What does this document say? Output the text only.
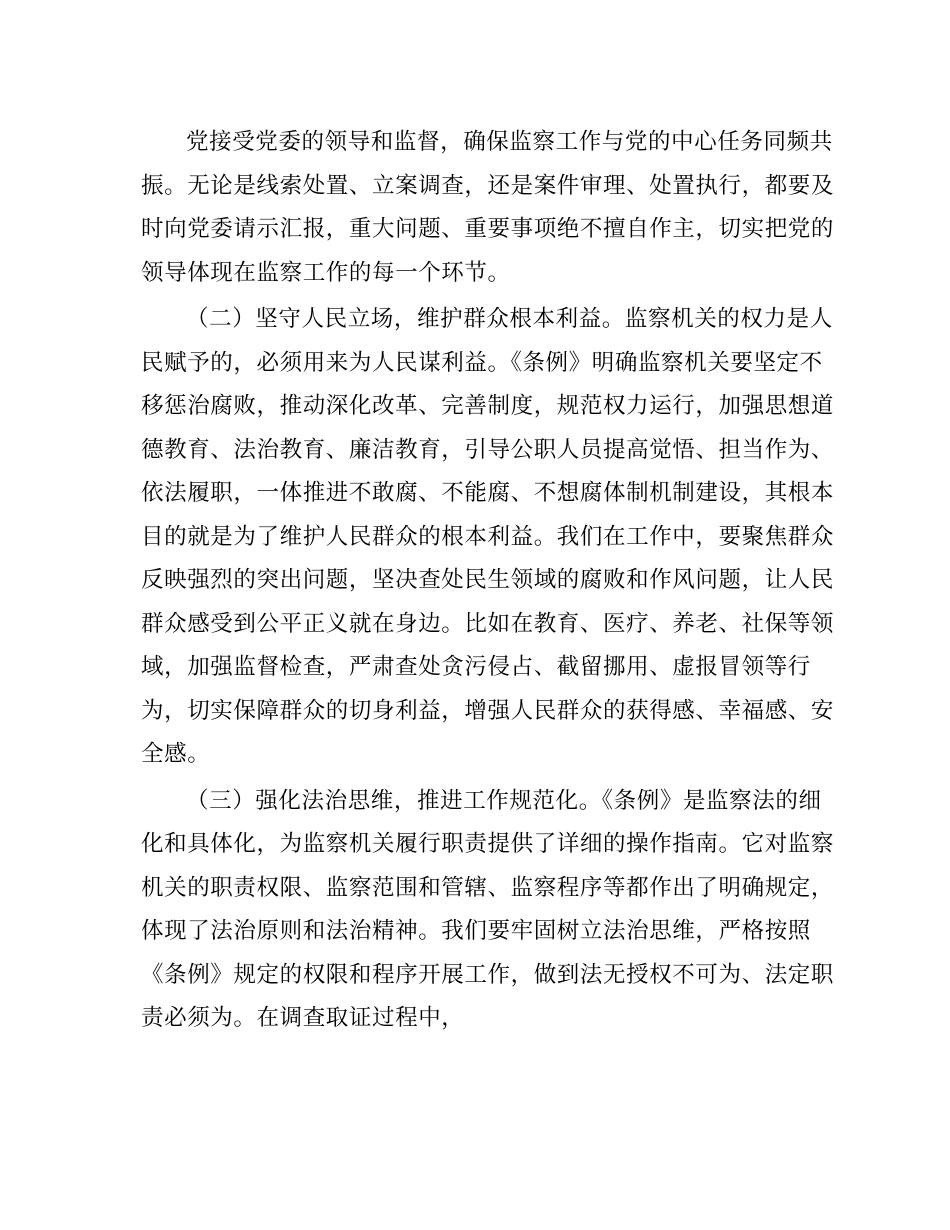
党接受党委的领导和监督，确保监察工作与党的中心任务同频共振。无论是线索处置、立案调查，还是案件审理、处置执行，都要及时向党委请示汇报，重大问题、重要事项绝不擅自作主，切实把党的领导体现在监察工作的每一个环节。

（二）坚守人民立场，维护群众根本利益。监察机关的权力是人民赋予的，必须用来为人民谋利益。《条例》明确监察机关要坚定不移惩治腐败，推动深化改革、完善制度，规范权力运行，加强思想道德教育、法治教育、廉洁教育，引导公职人员提高觉悟、担当作为、依法履职，一体推进不敢腐、不能腐、不想腐体制机制建设，其根本目的就是为了维护人民群众的根本利益。我们在工作中，要聚焦群众反映强烈的突出问题，坚决查处民生领域的腐败和作风问题，让人民群众感受到公平正义就在身边。比如在教育、医疗、养老、社保等领域，加强监督检查，严肃查处贪污侵占、截留挪用、虚报冒领等行为，切实保障群众的切身利益，增强人民群众的获得感、幸福感、安全感。

（三）强化法治思维，推进工作规范化。《条例》是监察法的细化和具体化，为监察机关履行职责提供了详细的操作指南。它对监察机关的职责权限、监察范围和管辖、监察程序等都作出了明确规定，体现了法治原则和法治精神。我们要牢固树立法治思维，严格按照《条例》规定的权限和程序开展工作，做到法无授权不可为、法定职责必须为。在调查取证过程中，
